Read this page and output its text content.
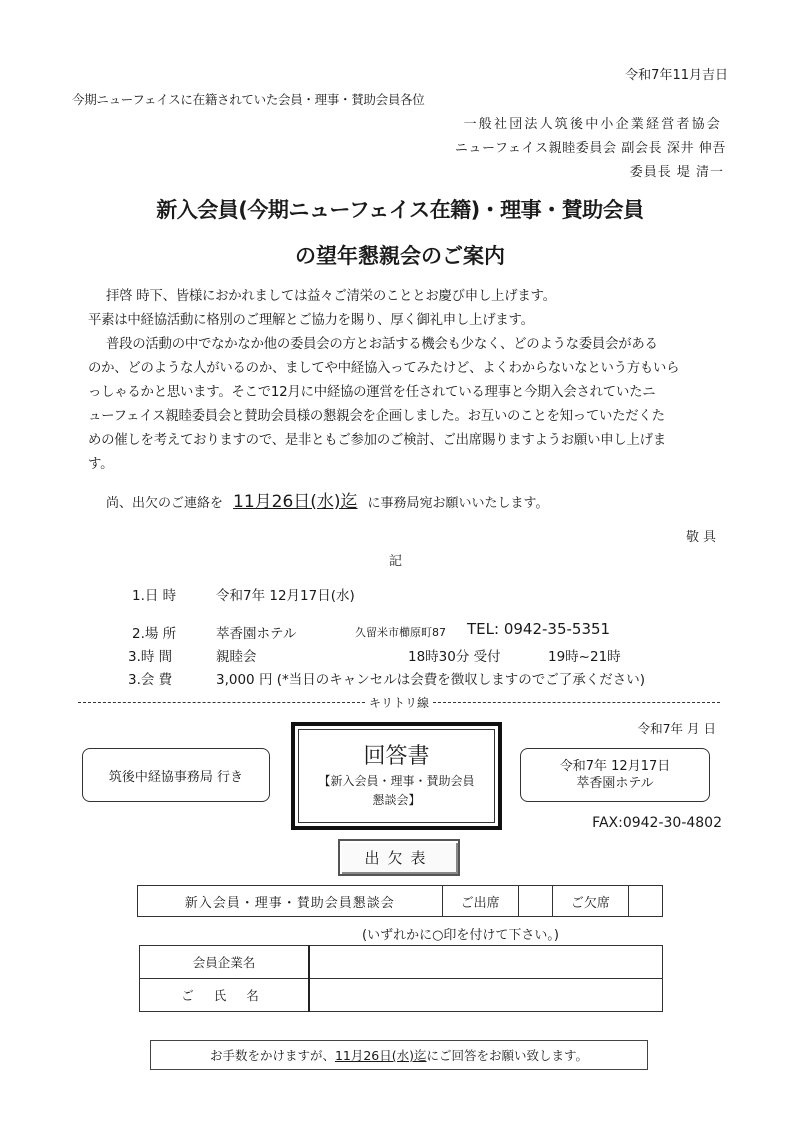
令和7年11月吉日
今期ニューフェイスに在籍されていた会員・理事・賛助会員各位
一般社団法人筑後中小企業経営者協会
ニューフェイス親睦委員会 副会長 深井 伸吾
委員長 堤 清一
新入会員(今期ニューフェイス在籍)・理事・賛助会員
の望年懇親会のご案内
拝啓 時下、皆様におかれましては益々ご清栄のこととお慶び申し上げます。
平素は中経協活動に格別のご理解とご協力を賜り、厚く御礼申し上げます。
普段の活動の中でなかなか他の委員会の方とお話する機会も少なく、どのような委員会がある
のか、どのような人がいるのか、ましてや中経協入ってみたけど、よくわからないなという方もいら
っしゃるかと思います。そこで12月に中経協の運営を任されている理事と今期入会されていたニ
ューフェイス親睦委員会と賛助会員様の懇親会を企画しました。お互いのことを知っていただくた
めの催しを考えておりますので、是非ともご参加のご検討、ご出席賜りますようお願い申し上げま
す。
尚、出欠のご連絡を 11月26日(水)迄 に事務局宛お願いいたします。
敬具
記
1.日 時	令和7年 12月17日(水)
2.場 所	萃香園ホテル	久留米市櫛原町87 TEL: 0942-35-5351
3.時 間	親睦会	18時30分 受付	19時~21時
3.会 費	3,000 円 (*当日のキャンセルは会費を徴収しますのでご了承ください)
キリトリ線
令和7年 月 日
筑後中経協事務局 行き
回答書
【新入会員・理事・賛助会員
懇談会】
令和7年 12月17日
萃香園ホテル
FAX:0942-30-4802
出欠表
新入会員・理事・賛助会員懇談会	ご出席		ご欠席	
(いずれかに○印を付けて下さい。)
会員企業名	
ご 氏 名	
お手数をかけますが、 11月26日(水)迄 にご回答をお願い致します。
